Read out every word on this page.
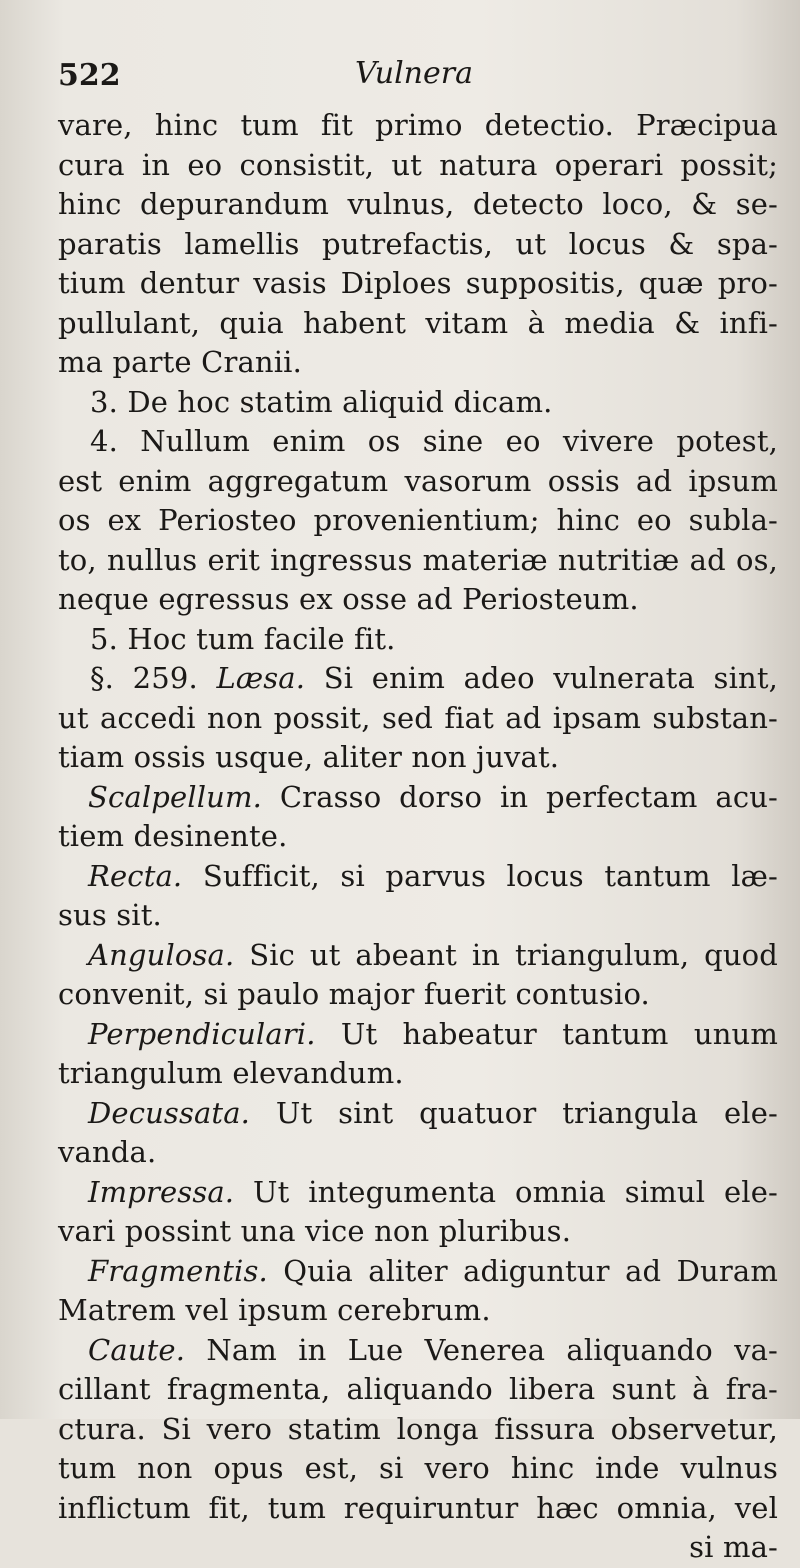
522	Vulnera
vare, hinc tum fit primo detectio. Præcipua
cura in eo consistit, ut natura operari possit;
hinc depurandum vulnus, detecto loco, & se-
paratis lamellis putrefactis, ut locus & spa-
tium dentur vasis Diploes suppositis, quæ pro-
pullulant, quia habent vitam à media & infi-
ma parte Cranii.
3. De hoc statim aliquid dicam.
4. Nullum enim os sine eo vivere potest,
est enim aggregatum vasorum ossis ad ipsum
os ex Periosteo provenientium; hinc eo subla-
to, nullus erit ingressus materiæ nutritiæ ad os,
neque egressus ex osse ad Periosteum.
5. Hoc tum facile fit.
§. 259. Læsa. Si enim adeo vulnerata sint,
ut accedi non possit, sed fiat ad ipsam substan-
tiam ossis usque, aliter non juvat.
Scalpellum. Crasso dorso in perfectam acu-
tiem desinente.
Recta. Sufficit, si parvus locus tantum læ-
sus sit.
Angulosa. Sic ut abeant in triangulum, quod
convenit, si paulo major fuerit contusio.
Perpendiculari. Ut habeatur tantum unum
triangulum elevandum.
Decussata. Ut sint quatuor triangula ele-
vanda.
Impressa. Ut integumenta omnia simul ele-
vari possint una vice non pluribus.
Fragmentis. Quia aliter adiguntur ad Duram
Matrem vel ipsum cerebrum.
Caute. Nam in Lue Venerea aliquando va-
cillant fragmenta, aliquando libera sunt à fra-
ctura. Si vero statim longa fissura observetur,
tum non opus est, si vero hinc inde vulnus
inflictum fit, tum requiruntur hæc omnia, vel
si ma-
